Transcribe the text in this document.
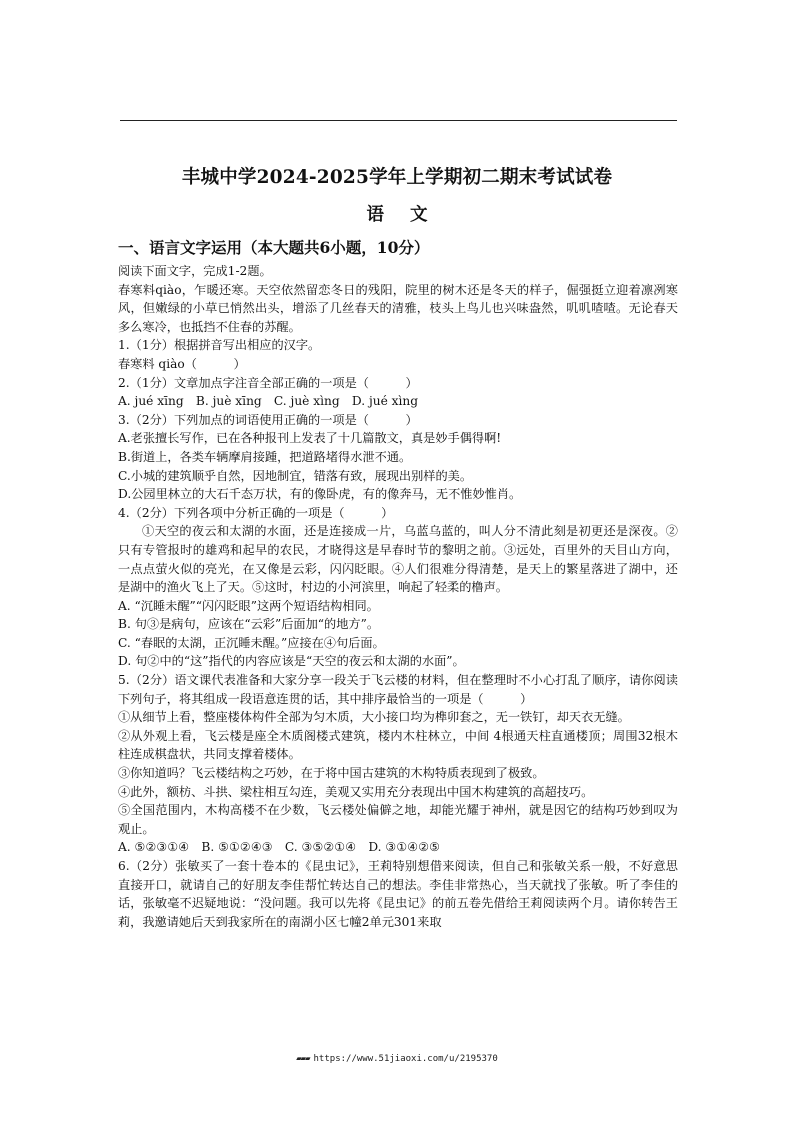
丰城中学2024-2025学年上学期初二期末考试试卷
语文
一、语言文字运用（本大题共6小题，10分）

阅读下面文字，完成1-2题。

春寒料qiào，乍暖还寒。天空依然留恋冬日的残阳，院里的树木还是冬天的样子，倔强挺立迎着凛冽寒风，但嫩绿的小草已悄然出头，增添了几丝春天的清雅，枝头上鸟儿也兴味盎然，叽叽喳喳。无论春天多么寒冷，也抵挡不住春的苏醒。

1.（1分）根据拼音写出相应的汉字。

春寒料 qiào（　　　）

2.（1分）文章加点字注音全部正确的一项是（　　　）

A. jué xīng　B. juè xīng　C. juè xìng　D. jué xìng

3.（2分）下列加点的词语使用正确的一项是（　　　）

A.老张擅长写作，已在各种报刊上发表了十几篇散文，真是妙手偶得啊!

B.街道上，各类车辆摩肩接踵，把道路堵得水泄不通。

C.小城的建筑顺乎自然，因地制宜，错落有致，展现出别样的美。

D.公园里林立的大石千态万状，有的像卧虎，有的像奔马，无不惟妙惟肖。

4.（2分）下列各项中分析正确的一项是（　　　）

①天空的夜云和太湖的水面，还是连接成一片，乌蓝乌蓝的，叫人分不清此刻是初更还是深夜。②只有专管报时的雄鸡和起早的农民，才晓得这是早春时节的黎明之前。③远处，百里外的天目山方向，一点点萤火似的亮光，在又像是云彩，闪闪眨眼。④人们很难分得清楚，是天上的繁星落进了湖中，还是湖中的渔火飞上了天。⑤这时，村边的小河滨里，响起了轻柔的橹声。

A. “沉睡未醒”“闪闪眨眼”这两个短语结构相同。

B. 句③是病句，应该在“云彩”后面加“的地方”。

C. “春眠的太湖，正沉睡未醒。”应接在④句后面。

D. 句②中的“这”指代的内容应该是“天空的夜云和太湖的水面”。

5.（2分）语文课代表准备和大家分享一段关于飞云楼的材料，但在整理时不小心打乱了顺序，请你阅读下列句子，将其组成一段语意连贯的话，其中排序最恰当的一项是（　　　）

①从细节上看，整座楼体构件全部为匀木质，大小接口均为榫卯套之，无一铁钉，却天衣无缝。

②从外观上看，飞云楼是座全木质阁楼式建筑，楼内木柱林立，中间 4根通天柱直通楼顶；周围32根木柱连成棋盘状，共同支撑着楼体。

③你知道吗？飞云楼结构之巧妙，在于将中国古建筑的木构特质表现到了极致。

④此外，额枋、斗拱、梁柱相互勾连，美观又实用充分表现出中国木构建筑的高超技巧。

⑤全国范围内，木构高楼不在少数，飞云楼处偏僻之地，却能光耀于神州，就是因它的结构巧妙到叹为观止。

A. ⑤②③①④　B. ⑤①②④③　C. ③⑤②①④　D. ③①④②⑤

6.（2分）张敏买了一套十卷本的《昆虫记》，王莉特别想借来阅读，但自己和张敏关系一般，不好意思直接开口，就请自己的好朋友李佳帮忙转达自己的想法。李佳非常热心，当天就找了张敏。听了李佳的话，张敏毫不迟疑地说：“没问题。我可以先将《昆虫记》的前五卷先借给王莉阅读两个月。请你转告王莉，我邀请她后天到我家所在的南湖小区七幢2单元301来取

▰▰▰ https://www.51jiaoxi.com/u/2195370
